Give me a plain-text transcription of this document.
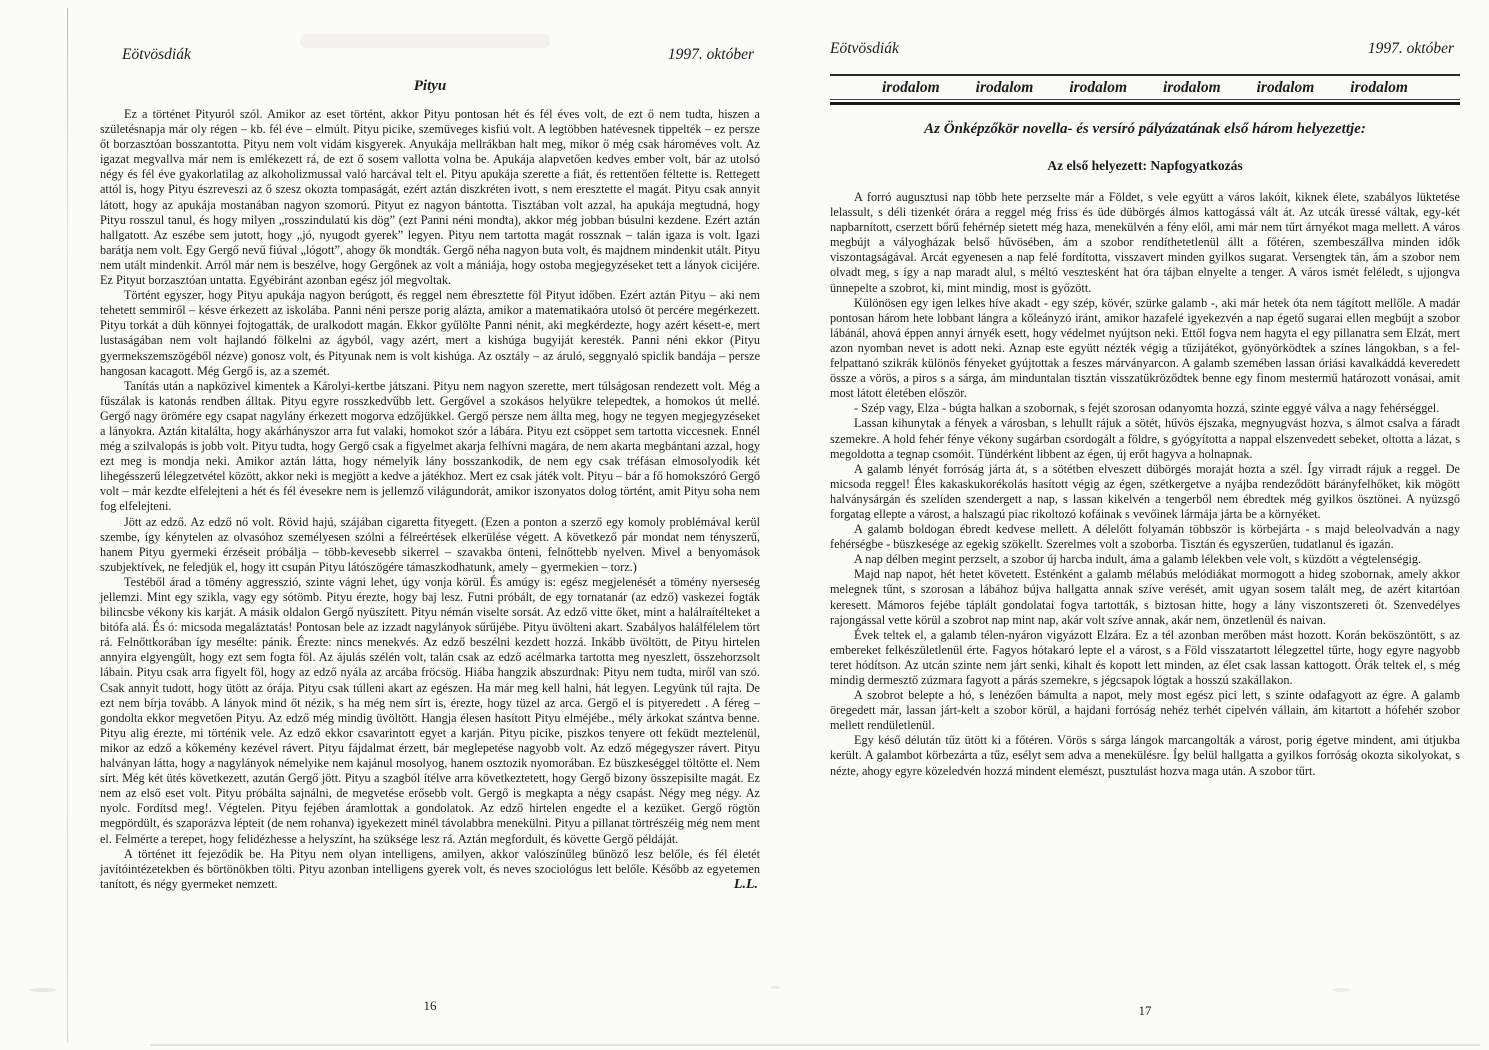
Eötvösdiák	1997. október
Pityu

Ez a történet Pityuról szól. Amikor az eset történt, akkor Pityu pontosan hét és fél éves volt, de ezt ő nem tudta, hiszen a születésnapja már oly régen – kb. fél éve – elmúlt. Pityu picike, szemüveges kisfiú volt. A legtöbben hatévesnek tippelték – ez persze őt borzasztóan bosszantotta. Pityu nem volt vidám kisgyerek. Anyukája mellrákban halt meg, mikor ő még csak hároméves volt. Az igazat megvallva már nem is emlékezett rá, de ezt ő sosem vallotta volna be. Apukája alapvetően kedves ember volt, bár az utolsó négy és fél éve gyakorlatilag az alkoholizmussal való harcával telt el. Pityu apukája szerette a fiát, és rettentően féltette is. Rettegett attól is, hogy Pityu észreveszi az ő szesz okozta tompaságát, ezért aztán diszkréten ivott, s nem eresztette el magát. Pityu csak annyit látott, hogy az apukája mostanában nagyon szomorú. Pityut ez nagyon bántotta. Tisztában volt azzal, ha apukája megtudná, hogy Pityu rosszul tanul, és hogy milyen „rosszindulatú kis dög” (ezt Panni néni mondta), akkor még jobban búsulni kezdene. Ezért aztán hallgatott. Az eszébe sem jutott, hogy „jó, nyugodt gyerek” legyen. Pityu nem tartotta magát rossznak – talán igaza is volt. Igazi barátja nem volt. Egy Gergő nevű fiúval „lógott”, ahogy ők mondták. Gergő néha nagyon buta volt, és majdnem mindenkit utált. Pityu nem utált mindenkit. Arról már nem is beszélve, hogy Gergőnek az volt a mániája, hogy ostoba megjegyzéseket tett a lányok cicijére. Ez Pityut borzasztóan untatta. Egyébiránt azonban egész jól megvoltak.

Történt egyszer, hogy Pityu apukája nagyon berúgott, és reggel nem ébresztette föl Pityut időben. Ezért aztán Pityu – aki nem tehetett semmiről – késve érkezett az iskolába. Panni néni persze porig alázta, amikor a matematikaóra utolsó öt percére megérkezett. Pityu torkát a düh könnyei fojtogatták, de uralkodott magán. Ekkor gyűlölte Panni nénit, aki megkérdezte, hogy azért késett-e, mert lustaságában nem volt hajlandó fölkelni az ágyból, vagy azért, mert a kishúga bugyiját keresték. Panni néni ekkor (Pityu gyermekszemszögéből nézve) gonosz volt, és Pityunak nem is volt kishúga. Az osztály – az áruló, seggnyaló spiclik bandája – persze hangosan kacagott. Még Gergő is, az a szemét.

Tanítás után a napközivel kimentek a Károlyi-kertbe játszani. Pityu nem nagyon szerette, mert túlságosan rendezett volt. Még a fűszálak is katonás rendben álltak. Pityu egyre rosszkedvűbb lett. Gergővel a szokásos helyükre telepedtek, a homokos út mellé. Gergő nagy örömére egy csapat nagylány érkezett mogorva edzőjükkel. Gergő persze nem állta meg, hogy ne tegyen megjegyzéseket a lányokra. Aztán kitalálta, hogy akárhányszor arra fut valaki, homokot szór a lábára. Pityu ezt csöppet sem tartotta viccesnek. Ennél még a szilvalopás is jobb volt. Pityu tudta, hogy Gergő csak a figyelmet akarja felhívni magára, de nem akarta megbántani azzal, hogy ezt meg is mondja neki. Amikor aztán látta, hogy némelyik lány bosszankodik, de nem egy csak tréfásan elmosolyodik két lihegésszerű lélegzetvétel között, akkor neki is megjött a kedve a játékhoz. Mert ez csak játék volt. Pityu – bár a fő homokszóró Gergő volt – már kezdte elfelejteni a hét és fél évesekre nem is jellemző világundorát, amikor iszonyatos dolog történt, amit Pityu soha nem fog elfelejteni.

Jött az edző. Az edző nő volt. Rövid hajú, szájában cigaretta fityegett. (Ezen a ponton a szerző egy komoly problémával kerül szembe, így kénytelen az olvasóhoz személyesen szólni a félreértések elkerülése végett. A következő pár mondat nem tényszerű, hanem Pityu gyermeki érzéseit próbálja – több-kevesebb sikerrel – szavakba önteni, felnőttebb nyelven. Mivel a benyomások szubjektívek, ne feledjük el, hogy itt csupán Pityu látószögére támaszkodhatunk, amely – gyermekien – torz.)

Testéből árad a tömény aggresszió, szinte vágni lehet, úgy vonja körül. És amúgy is: egész megjelenését a tömény nyerseség jellemzi. Mint egy szikla, vagy egy sótömb. Pityu érezte, hogy baj lesz. Futni próbált, de egy tornatanár (az edző) vaskezei fogták bilincsbe vékony kis karját. A másik oldalon Gergő nyüszített. Pityu némán viselte sorsát. Az edző vitte őket, mint a halálraítélteket a bitófa alá. És ó: micsoda megaláztatás! Pontosan bele az izzadt nagylányok sűrűjébe. Pityu üvölteni akart. Szabályos halálfélelem tört rá. Felnőttkorában így mesélte: pánik. Érezte: nincs menekvés. Az edző beszélni kezdett hozzá. Inkább üvöltött, de Pityu hirtelen annyira elgyengült, hogy ezt sem fogta föl. Az ájulás szélén volt, talán csak az edző acélmarka tartotta meg nyeszlett, összehorzsolt lábain. Pityu csak arra figyelt föl, hogy az edző nyála az arcába fröcsög. Hiába hangzik abszurdnak: Pityu nem tudta, miről van szó. Csak annyit tudott, hogy ütött az órája. Pityu csak túlleni akart az egészen. Ha már meg kell halni, hát legyen. Legyünk túl rajta. De ezt nem bírja tovább. A lányok mind őt nézik, s ha még nem sírt is, érezte, hogy tüzel az arca. Gergő el is pityeredett . A féreg – gondolta ekkor megvetően Pityu. Az edző még mindig üvöltött. Hangja élesen hasított Pityu elméjébe., mély árkokat szántva benne. Pityu alig érezte, mi történik vele. Az edző ekkor csavarintott egyet a karján. Pityu picike, piszkos tenyere ott feküdt meztelenül, mikor az edző a kőkemény kezével rávert. Pityu fájdalmat érzett, bár meglepetése nagyobb volt. Az edző mégegyszer rávert. Pityu halványan látta, hogy a nagylányok némelyike nem kajánul mosolyog, hanem osztozik nyomorában. Ez büszkeséggel töltötte el. Nem sírt. Még két ütés következett, azután Gergő jött. Pityu a szagból ítélve arra következtetett, hogy Gergő bizony összepisilte magát. Ez nem az első eset volt. Pityu próbálta sajnálni, de megvetése erősebb volt. Gergő is megkapta a négy csapást. Négy meg négy. Az nyolc. Fordítsd meg!. Végtelen. Pityu fejében áramlottak a gondolatok. Az edző hirtelen engedte el a kezüket. Gergő rögtön megpördült, és szaporázva lépteit (de nem rohanva) igyekezett minél távolabbra menekülni. Pityu a pillanat törtrészéig még nem ment el. Felmérte a terepet, hogy felidézhesse a helyszínt, ha szüksége lesz rá. Aztán megfordult, és követte Gergő példáját.

A történet itt fejeződik be. Ha Pityu nem olyan intelligens, amilyen, akkor valószínűleg bűnöző lesz belőle, és fél életét javítóintézetekben és börtönökben tölti. Pityu azonban intelligens gyerek volt, és neves szociológus lett belőle. Később az egyetemen tanított, és négy gyermeket nemzett.	L.L.

16
Eötvösdiák	1997. október
irodalom irodalom irodalom irodalom irodalom irodalom
Az Önképzőkör novella- és versíró pályázatának első három helyezettje:
Az első helyezett: Napfogyatkozás

A forró augusztusi nap több hete perzselte már a Földet, s vele együtt a város lakóit, kiknek élete, szabályos lüktetése lelassult, s déli tizenkét órára a reggel még friss és üde dübörgés álmos kattogássá vált át. Az utcák üressé váltak, egy-két napbarnított, cserzett bőrű fehérnép sietett még haza, menekülvén a fény elől, ami már nem tűrt árnyékot maga mellett. A város megbújt a vályogházak belső hűvösében, ám a szobor rendíthetetlenül állt a főtéren, szembeszállva minden idők viszontagságával. Arcát egyenesen a nap felé fordította, visszavert minden gyilkos sugarat. Versengtek tán, ám a szobor nem olvadt meg, s így a nap maradt alul, s méltó vesztesként hat óra tájban elnyelte a tenger. A város ismét feléledt, s ujjongva ünnepelte a szobrot, ki, mint mindig, most is győzött.

Különösen egy igen lelkes híve akadt - egy szép, kövér, szürke galamb -, aki már hetek óta nem tágított mellőle. A madár pontosan három hete lobbant lángra a kőleányzó iránt, amikor hazafelé igyekezvén a nap égető sugarai ellen megbújt a szobor lábánál, ahová éppen annyi árnyék esett, hogy védelmet nyújtson neki. Ettől fogva nem hagyta el egy pillanatra sem Elzát, mert azon nyomban nevet is adott neki. Aznap este együtt nézték végig a tűzijátékot, gyönyörködtek a színes lángokban, s a fel-felpattanó szikrák különös fényeket gyújtottak a feszes márványarcon. A galamb szemében lassan óriási kavalkáddá keveredett össze a vörös, a piros s a sárga, ám minduntalan tisztán visszatükröződtek benne egy finom mestermű határozott vonásai, amit most látott életében először.

- Szép vagy, Elza - búgta halkan a szobornak, s fejét szorosan odanyomta hozzá, szinte eggyé válva a nagy fehérséggel.

Lassan kihunytak a fények a városban, s lehullt rájuk a sötét, hűvös éjszaka, megnyugvást hozva, s álmot csalva a fáradt szemekre. A hold fehér fénye vékony sugárban csordogált a földre, s gyógyította a nappal elszenvedett sebeket, oltotta a lázat, s megoldotta a tegnap csomóit. Tündérként libbent az égen, új erőt hagyva a holnapnak.

A galamb lényét forróság járta át, s a sötétben elveszett dübörgés moraját hozta a szél. Így virradt rájuk a reggel. De micsoda reggel! Éles kakaskukorékolás hasított végig az égen, szétkergetve a nyájba rendeződött bárányfelhőket, kik mögött halványsárgán és szelíden szendergett a nap, s lassan kikelvén a tengerből nem ébredtek még gyilkos ösztönei. A nyüzsgő forgatag ellepte a várost, a halszagú piac rikoltozó kofáinak s vevőinek lármája járta be a környéket.

A galamb boldogan ébredt kedvese mellett. A délelőtt folyamán többször is körbejárta - s majd beleolvadván a nagy fehérségbe - büszkesége az egekig szökellt. Szerelmes volt a szoborba. Tisztán és egyszerűen, tudatlanul és igazán.

A nap délben megint perzselt, a szobor új harcba indult, áma a galamb lélekben vele volt, s küzdött a végtelenségig.

Majd nap napot, hét hetet követett. Esténként a galamb mélabús melódiákat mormogott a hideg szobornak, amely akkor melegnek tűnt, s szorosan a lábához bújva hallgatta annak szíve verését, amit ugyan sosem talált meg, de azért kitartóan keresett. Mámoros fejébe táplált gondolatai fogva tartották, s biztosan hitte, hogy a lány viszontszereti őt. Szenvedélyes rajongással vette körül a szobrot nap mint nap, akár volt szíve annak, akár nem, önzetlenül és naivan.

Évek teltek el, a galamb télen-nyáron vigyázott Elzára. Ez a tél azonban merőben mást hozott. Korán beköszöntött, s az embereket felkészületlenül érte. Fagyos hótakaró lepte el a várost, s a Föld visszatartott lélegzettel tűrte, hogy egyre nagyobb teret hódítson. Az utcán szinte nem járt senki, kihalt és kopott lett minden, az élet csak lassan kattogott. Órák teltek el, s még mindig dermesztő zúzmara fagyott a párás szemekre, s jégcsapok lógtak a hosszú szakállakon.

A szobrot belepte a hó, s lenézően bámulta a napot, mely most egész pici lett, s szinte odafagyott az égre. A galamb öregedett már, lassan járt-kelt a szobor körül, a hajdani forróság nehéz terhét cipelvén vállain, ám kitartott a hófehér szobor mellett rendületlenül.

Egy késő délután tűz ütött ki a főtéren. Vörös s sárga lángok marcangolták a várost, porig égetve mindent, ami útjukba került. A galambot körbezárta a tűz, esélyt sem adva a menekülésre. Így belül hallgatta a gyilkos forróság okozta sikolyokat, s nézte, ahogy egyre közeledvén hozzá mindent elemészt, pusztulást hozva maga után. A szobor tűrt.

17
